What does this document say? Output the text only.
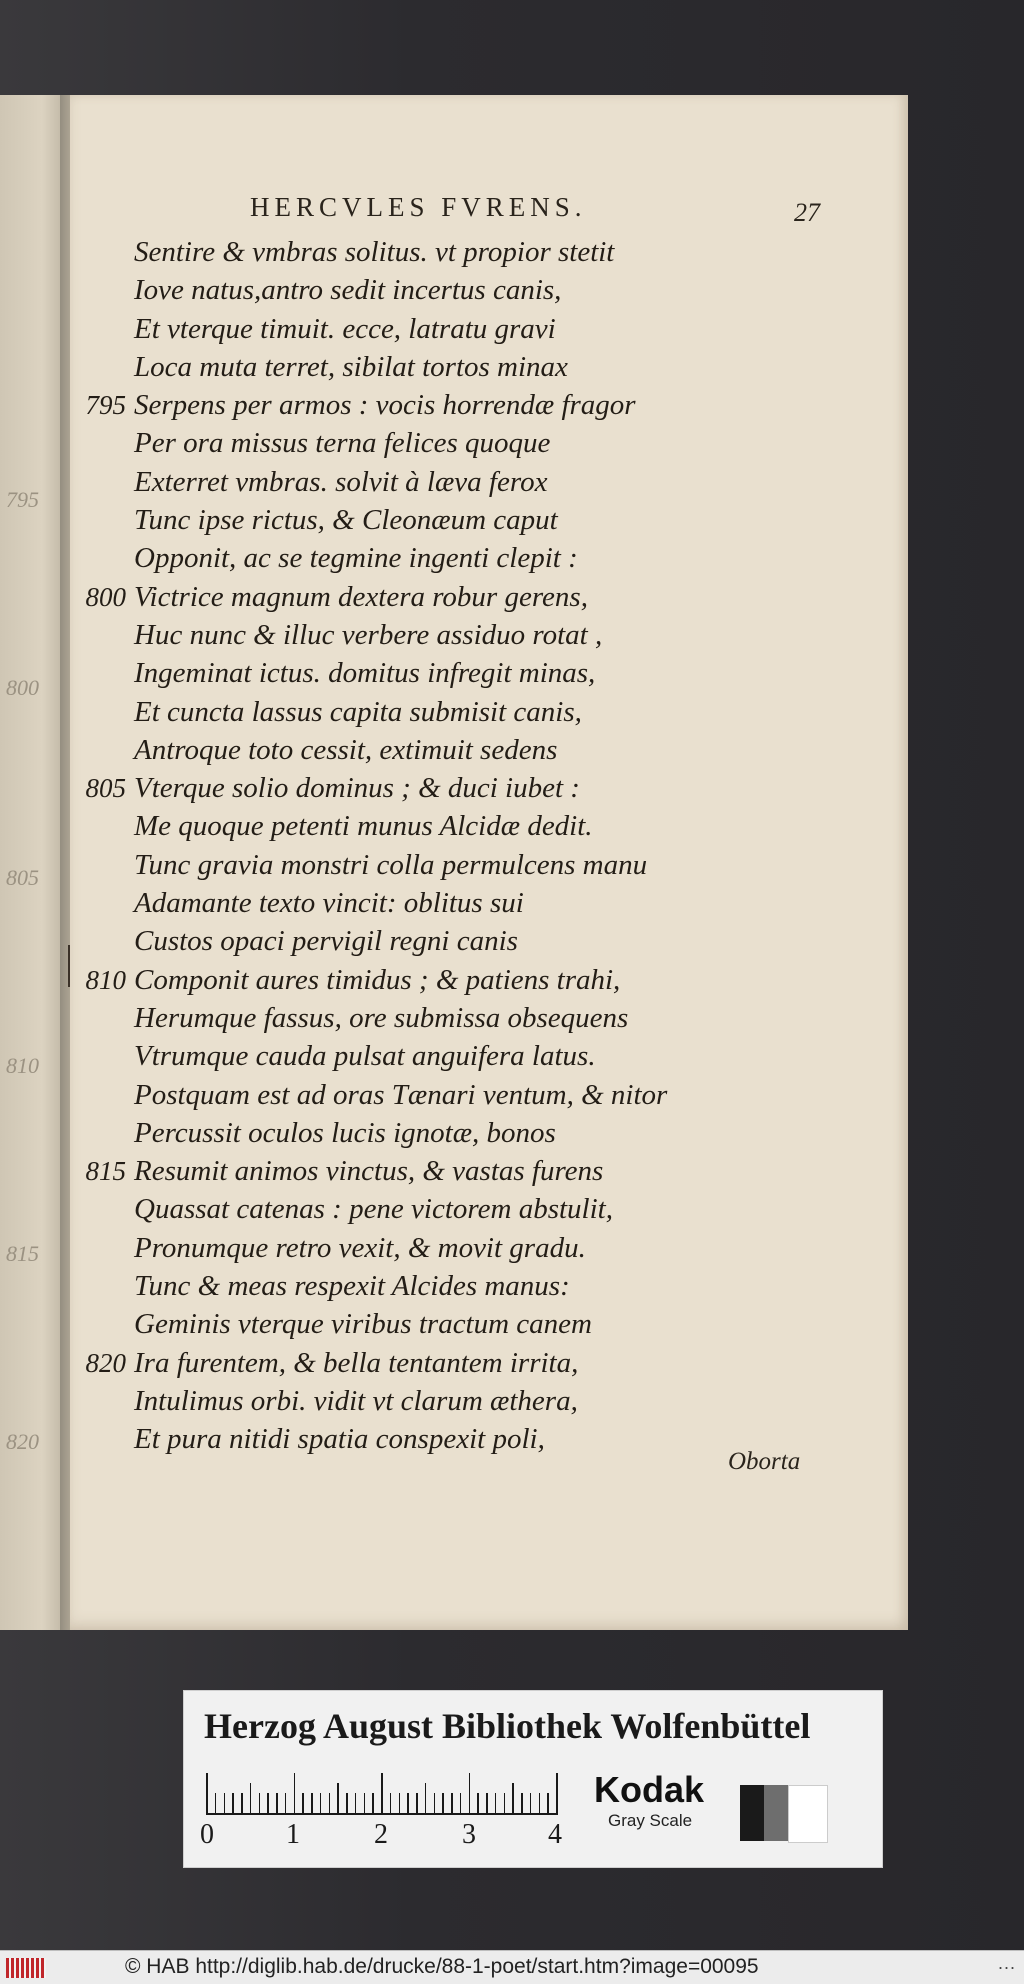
795
800
805
810
815
820
HERCVLES FVRENS.	27
Sentire & vmbras solitus. vt propior stetit
Iove natus,antro sedit incertus canis,
Et vterque timuit. ecce, latratu gravi
Loca muta terret, sibilat tortos minax
795 Serpens per armos : vocis horrendæ fragor
Per ora missus terna felices quoque
Exterret vmbras. solvit à læva ferox
Tunc ipse rictus, & Cleonæum caput
Opponit, ac se tegmine ingenti clepit :
800 Victrice magnum dextera robur gerens,
Huc nunc & illuc verbere assiduo rotat ,
Ingeminat ictus. domitus infregit minas,
Et cuncta lassus capita submisit canis,
Antroque toto cessit, extimuit sedens
805 Vterque solio dominus ; & duci iubet :
Me quoque petenti munus Alcidæ dedit.
Tunc gravia monstri colla permulcens manu
Adamante texto vincit: oblitus sui
Custos opaci pervigil regni canis
810 Componit aures timidus ; & patiens trahi,
Herumque fassus, ore submissa obsequens
Vtrumque cauda pulsat anguifera latus.
Postquam est ad oras Tænari ventum, & nitor
Percussit oculos lucis ignotæ, bonos
815 Resumit animos vinctus, & vastas furens
Quassat catenas : pene victorem abstulit,
Pronumque retro vexit, & movit gradu.
Tunc & meas respexit Alcides manus:
Geminis vterque viribus tractum canem
820 Ira furentem, & bella tentantem irrita,
Intulimus orbi. vidit vt clarum æthera,
Et pura nitidi spatia conspexit poli,
Oborta
Herzog August Bibliothek Wolfenbüttel
0	1	2	3	4
Kodak
Gray Scale
© HAB http://diglib.hab.de/drucke/88-1-poet/start.htm?image=00095	...
